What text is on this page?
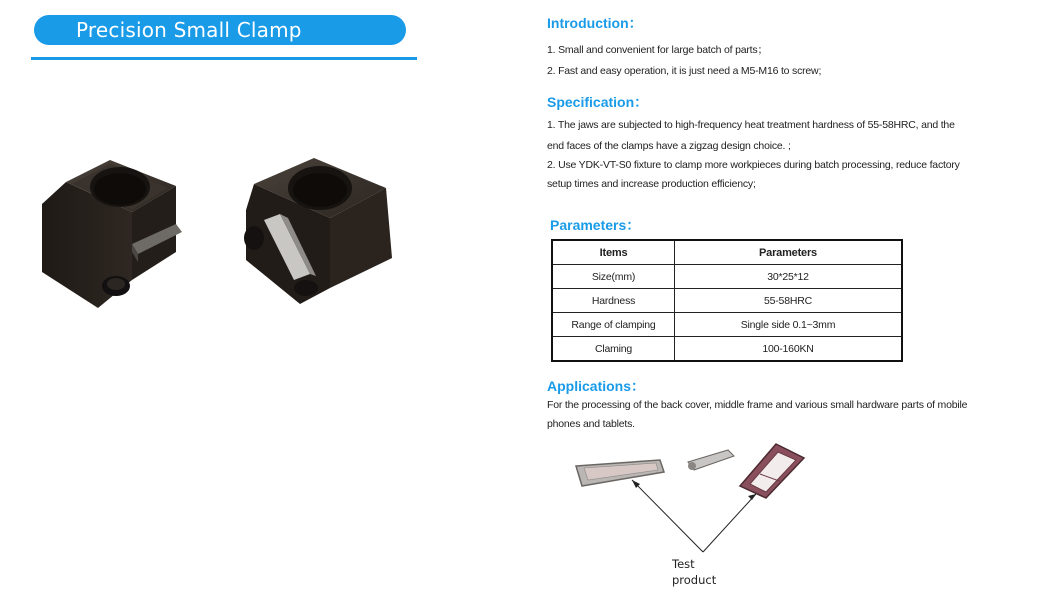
Precision Small Clamp	Introduction：
1. Small and convenient for large batch of parts；
2. Fast and easy operation, it is just need a M5-M16 to screw;
Specification：
1. The jaws are subjected to high-frequency heat treatment hardness of 55-58HRC, and the
end faces of the clamps have a zigzag design choice. ;
2. Use YDK-VT-S0 fixture to clamp more workpieces during batch processing, reduce factory
setup times and increase production efficiency;
Parameters：
Items	Parameters
Size(mm)	30*25*12
Hardness	55-58HRC
Range of clamping	Single side 0.1~3mm
Claming	100-160KN
Applications：
For the processing of the back cover, middle frame and various small hardware parts of mobile
phones and tablets.
Test
product
